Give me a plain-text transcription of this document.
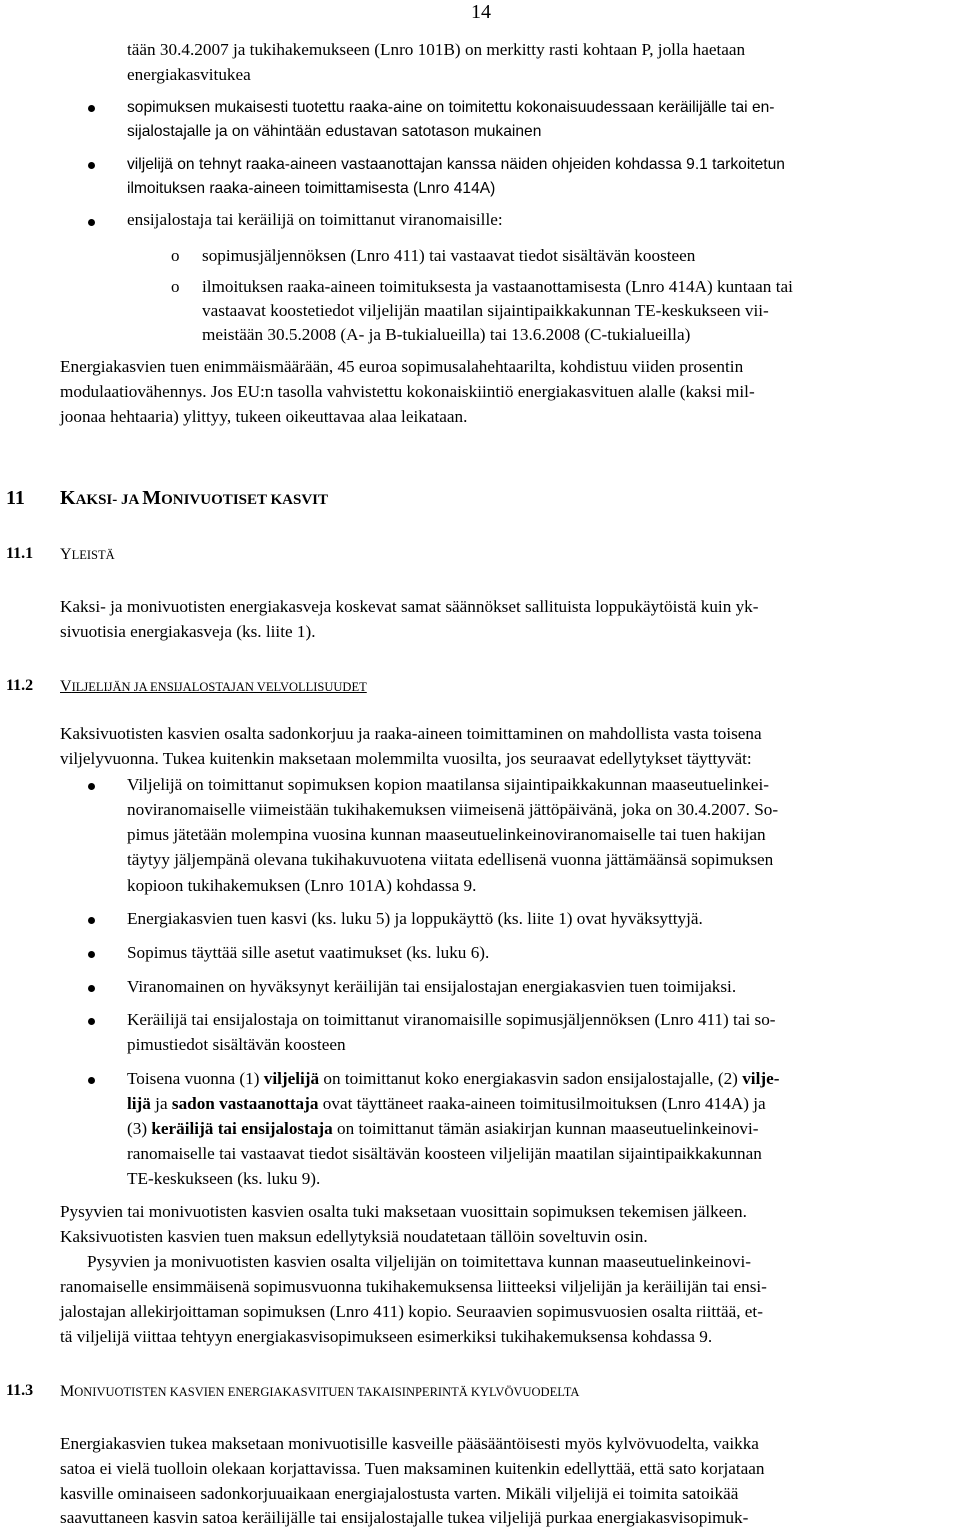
14
tään 30.4.2007 ja tukihakemukseen (Lnro 101B) on merkitty rasti kohtaan P, jolla haetaan
energiakasvitukea
sopimuksen mukaisesti tuotettu raaka-aine on toimitettu kokonaisuudessaan keräilijälle tai en-
sijalostajalle ja on vähintään edustavan satotason mukainen
viljelijä on tehnyt raaka-aineen vastaanottajan kanssa näiden ohjeiden kohdassa 9.1 tarkoitetun
ilmoituksen raaka-aineen toimittamisesta (Lnro 414A)
ensijalostaja tai keräilijä on toimittanut viranomaisille:
o sopimusjäljennöksen (Lnro 411) tai vastaavat tiedot sisältävän koosteen
o ilmoituksen raaka-aineen toimituksesta ja vastaanottamisesta (Lnro 414A) kuntaan tai
vastaavat koostetiedot viljelijän maatilan sijaintipaikkakunnan TE-keskukseen vii-
meistään 30.5.2008 (A- ja B-tukialueilla) tai 13.6.2008 (C-tukialueilla)
Energiakasvien tuen enimmäismäärään, 45 euroa sopimusalahehtaarilta, kohdistuu viiden prosentin
modulaatiovähennys. Jos EU:n tasolla vahvistettu kokonaiskiintiö energiakasvituen alalle (kaksi mil-
joonaa hehtaaria) ylittyy, tukeen oikeuttavaa alaa leikataan.
11 KAKSI- JA MONIVUOTISET KASVIT
11.1 YLEISTÄ
Kaksi- ja monivuotisten energiakasveja koskevat samat säännökset sallituista loppukäytöistä kuin yk-
sivuotisia energiakasveja (ks. liite 1).
11.2 VILJELIJÄN JA ENSIJALOSTAJAN VELVOLLISUUDET
Kaksivuotisten kasvien osalta sadonkorjuu ja raaka-aineen toimittaminen on mahdollista vasta toisena
viljelyvuonna. Tukea kuitenkin maksetaan molemmilta vuosilta, jos seuraavat edellytykset täyttyvät:
Viljelijä on toimittanut sopimuksen kopion maatilansa sijaintipaikkakunnan maaseutuelinkei-
noviranomaiselle viimeistään tukihakemuksen viimeisenä jättöpäivänä, joka on 30.4.2007. So-
pimus jätetään molempina vuosina kunnan maaseutuelinkeinoviranomaiselle tai tuen hakijan
täytyy jäljempänä olevana tukihakuvuotena viitata edellisenä vuonna jättämäänsä sopimuksen
kopioon tukihakemuksen (Lnro 101A) kohdassa 9.
Energiakasvien tuen kasvi (ks. luku 5) ja loppukäyttö (ks. liite 1) ovat hyväksyttyjä.
Sopimus täyttää sille asetut vaatimukset (ks. luku 6).
Viranomainen on hyväksynyt keräilijän tai ensijalostajan energiakasvien tuen toimijaksi.
Keräilijä tai ensijalostaja on toimittanut viranomaisille sopimusjäljennöksen (Lnro 411) tai so-
pimustiedot sisältävän koosteen
Toisena vuonna (1) viljelijä on toimittanut koko energiakasvin sadon ensijalostajalle, (2) vilje-
lijä ja sadon vastaanottaja ovat täyttäneet raaka-aineen toimitusilmoituksen (Lnro 414A) ja
(3) keräilijä tai ensijalostaja on toimittanut tämän asiakirjan kunnan maaseutuelinkeinovi-
ranomaiselle tai vastaavat tiedot sisältävän koosteen viljelijän maatilan sijaintipaikkakunnan
TE-keskukseen (ks. luku 9).
Pysyvien tai monivuotisten kasvien osalta tuki maksetaan vuosittain sopimuksen tekemisen jälkeen.
Kaksivuotisten kasvien tuen maksun edellytyksiä noudatetaan tällöin soveltuvin osin.
Pysyvien ja monivuotisten kasvien osalta viljelijän on toimitettava kunnan maaseutuelinkeinovi-
ranomaiselle ensimmäisenä sopimusvuonna tukihakemuksensa liitteeksi viljelijän ja keräilijän tai ensi-
jalostajan allekirjoittaman sopimuksen (Lnro 411) kopio. Seuraavien sopimusvuosien osalta riittää, et-
tä viljelijä viittaa tehtyyn energiakasvisopimukseen esimerkiksi tukihakemuksensa kohdassa 9.
11.3 MONIVUOTISTEN KASVIEN ENERGIAKASVITUEN TAKAISINPERINTÄ KYLVÖVUODELTA
Energiakasvien tukea maksetaan monivuotisille kasveille pääsääntöisesti myös kylvövuodelta, vaikka
satoa ei vielä tuolloin olekaan korjattavissa. Tuen maksaminen kuitenkin edellyttää, että sato korjataan
kasville ominaiseen sadonkorjuuaikaan energiajalostusta varten. Mikäli viljelijä ei toimita satoikää
saavuttaneen kasvin satoa keräilijälle tai ensijalostajalle tukea viljelijä purkaa energiakasvisopimuk-
